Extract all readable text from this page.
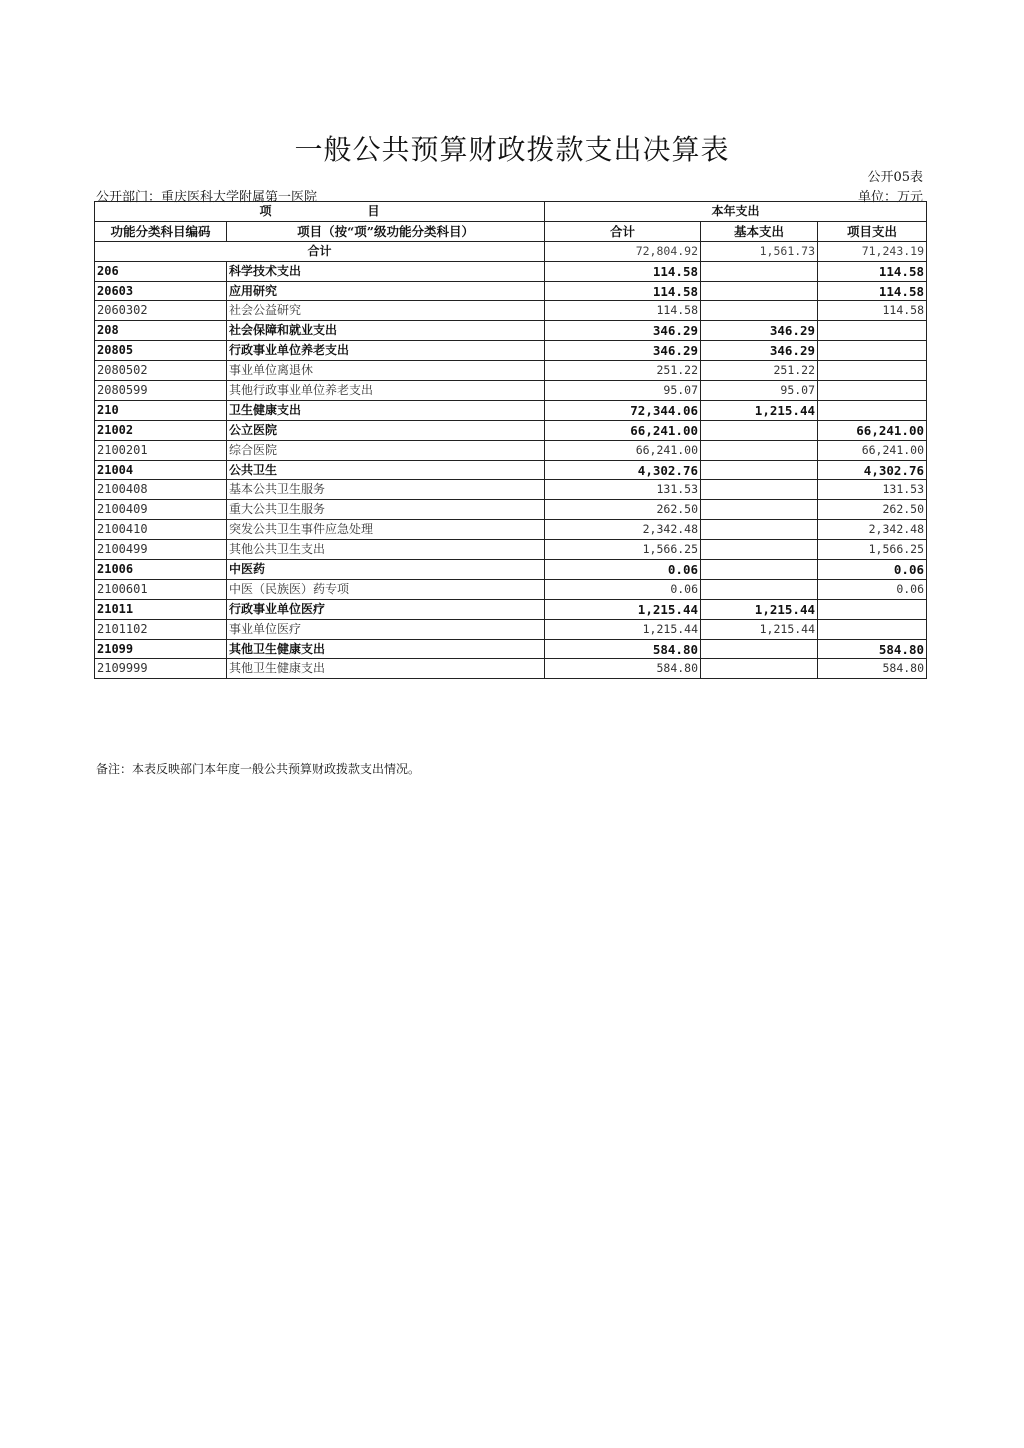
一般公共预算财政拨款支出决算表
公开05表
公开部门：重庆医科大学附属第一医院	单位：万元
项　　　　　　　　目		本年支出		
功能分类科目编码	项目（按“项”级功能分类科目）	合计	基本支出	项目支出
合计		72,804.92	1,561.73	71,243.19
206	科学技术支出	114.58		114.58
20603	应用研究	114.58		114.58
2060302	社会公益研究	114.58		114.58
208	社会保障和就业支出	346.29	346.29	
20805	行政事业单位养老支出	346.29	346.29	
2080502	事业单位离退休	251.22	251.22	
2080599	其他行政事业单位养老支出	95.07	95.07	
210	卫生健康支出	72,344.06	1,215.44	
21002	公立医院	66,241.00		66,241.00
2100201	综合医院	66,241.00		66,241.00
21004	公共卫生	4,302.76		4,302.76
2100408	基本公共卫生服务	131.53		131.53
2100409	重大公共卫生服务	262.50		262.50
2100410	突发公共卫生事件应急处理	2,342.48		2,342.48
2100499	其他公共卫生支出	1,566.25		1,566.25
21006	中医药	0.06		0.06
2100601	中医（民族医）药专项	0.06		0.06
21011	行政事业单位医疗	1,215.44	1,215.44	
2101102	事业单位医疗	1,215.44	1,215.44	
21099	其他卫生健康支出	584.80		584.80
2109999	其他卫生健康支出	584.80		584.80
备注：本表反映部门本年度一般公共预算财政拨款支出情况。
